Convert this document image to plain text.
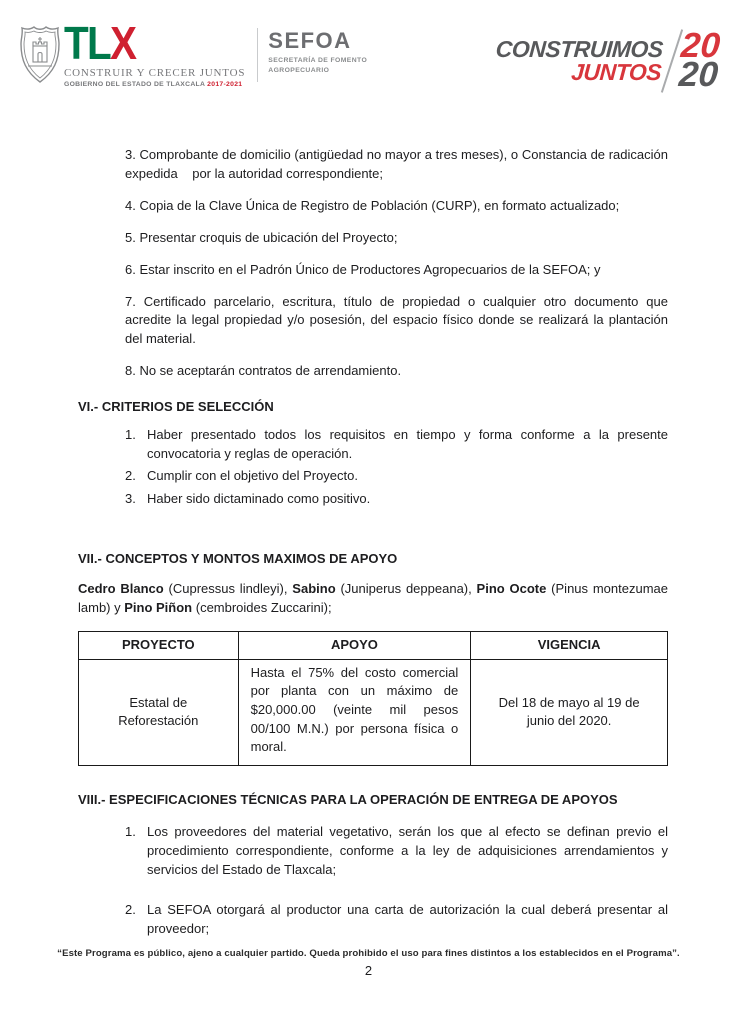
TLX
CONSTRUIR Y CRECER JUNTOS
GOBIERNO DEL ESTADO DE TLAXCALA 2017-2021
SEFOA
SECRETARÍA DE FOMENTO
AGROPECUARIO
CONSTRUIMOS
JUNTOS
20
20

3. Comprobante de domicilio (antigüedad no mayor a tres meses), o Constancia de radicación expedida    por la autoridad correspondiente;

4. Copia de la Clave Única de Registro de Población (CURP), en formato actualizado;

5. Presentar croquis de ubicación del Proyecto;

6. Estar inscrito en el Padrón Único de Productores Agropecuarios de la SEFOA; y

7. Certificado parcelario, escritura, título de propiedad o cualquier otro documento que acredite la legal propiedad y/o posesión, del espacio físico donde se realizará la plantación del material.

8. No se aceptarán contratos de arrendamiento.

VI.- CRITERIOS DE SELECCIÓN
1. Haber presentado todos los requisitos en tiempo y forma conforme a la presente convocatoria y reglas de operación.
2. Cumplir con el objetivo del Proyecto.
3. Haber sido dictaminado como positivo.
VII.- CONCEPTOS Y MONTOS MAXIMOS DE APOYO

Cedro Blanco (Cupressus lindleyi), Sabino (Juniperus deppeana), Pino Ocote (Pinus montezumae lamb) y Pino Piñon (cembroides Zuccarini);

PROYECTO	APOYO	VIGENCIA
Estatal de Reforestación	Hasta el 75% del costo comercial por planta con un máximo de $20,000.00 (veinte mil pesos 00/100 M.N.) por persona física o moral.	Del 18 de mayo al 19 de junio del 2020.
VIII.- ESPECIFICACIONES TÉCNICAS PARA LA OPERACIÓN DE ENTREGA DE APOYOS
1. Los proveedores del material vegetativo, serán los que al efecto se definan previo el procedimiento correspondiente, conforme a la ley de adquisiciones arrendamientos y servicios del Estado de Tlaxcala;
2. La SEFOA otorgará al productor una carta de autorización la cual deberá presentar al proveedor;
“Este Programa es público, ajeno a cualquier partido. Queda prohibido el uso para fines distintos a los establecidos en el Programa”.
2
